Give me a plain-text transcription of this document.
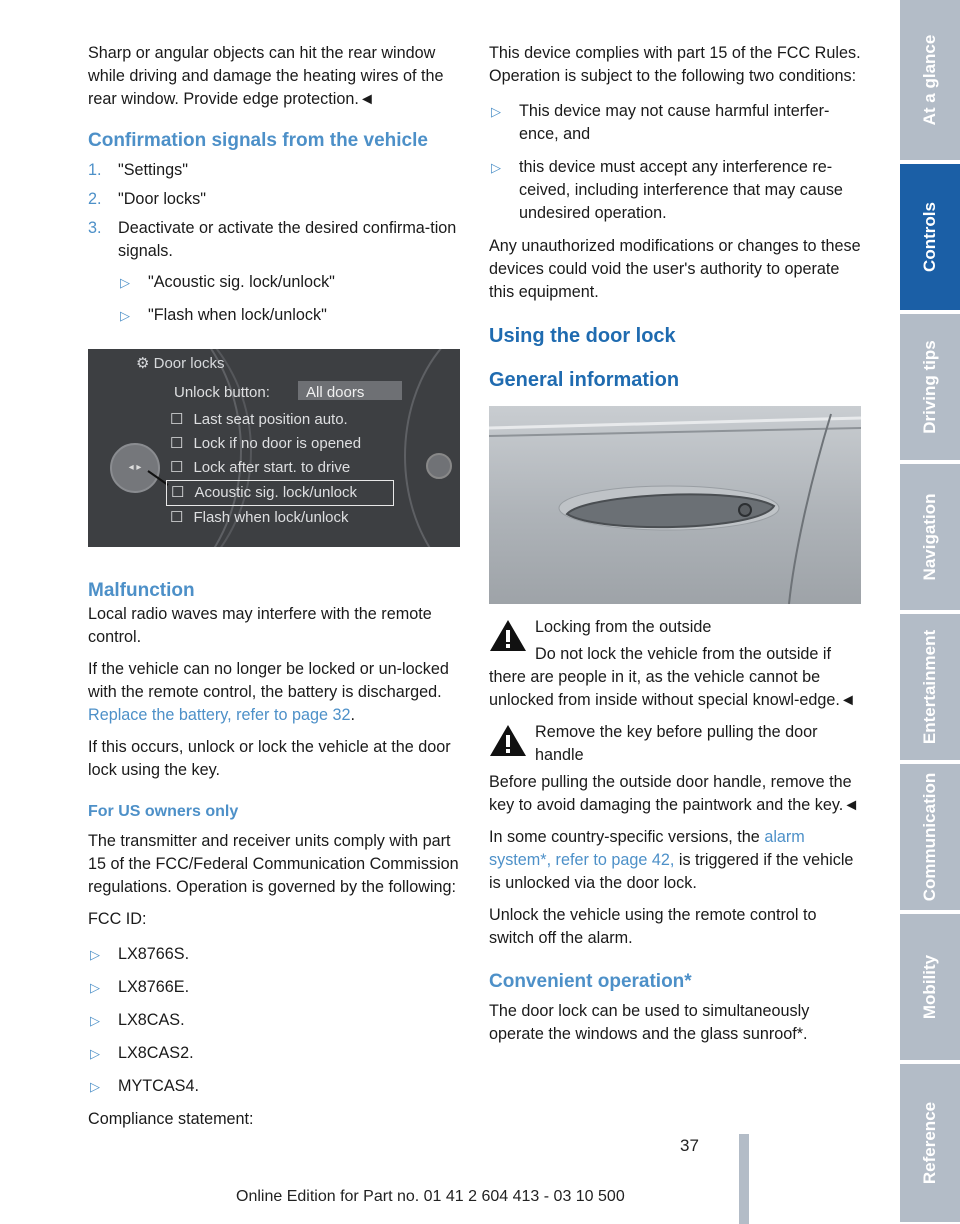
Sharp or angular objects can hit the rear window while driving and damage the heating wires of the rear window. Provide edge protection.◄

Confirmation signals from the vehicle
1. "Settings"
2. "Door locks"
3. Deactivate or activate the desired confirma-tion signals.
▷ "Acoustic sig. lock/unlock"
▷ "Flash when lock/unlock"
◂ ▸
⚙ Door locks
Unlock button:	All doors
☐ Last seat position auto.
☐ Lock if no door is opened
☐ Lock after start. to drive
☐ Acoustic sig. lock/unlock
☐ Flash when lock/unlock
Malfunction

Local radio waves may interfere with the remote control.

If the vehicle can no longer be locked or un-locked with the remote control, the battery is discharged. Replace the battery, refer to page 32.

If this occurs, unlock or lock the vehicle at the door lock using the key.

For US owners only

The transmitter and receiver units comply with part 15 of the FCC/Federal Communication Commission regulations. Operation is governed by the following:

FCC ID:

▷ LX8766S.
▷ LX8766E.
▷ LX8CAS.
▷ LX8CAS2.
▷ MYTCAS4.

Compliance statement:

This device complies with part 15 of the FCC Rules. Operation is subject to the following two conditions:

▷ This device may not cause harmful interfer-ence, and
▷ this device must accept any interference re-ceived, including interference that may cause undesired operation.

Any unauthorized modifications or changes to these devices could void the user's authority to operate this equipment.

Using the door lock
General information

Locking from the outside

Do not lock the vehicle from the outside if there are people in it, as the vehicle cannot be unlocked from inside without special knowl-edge.◄

Remove the key before pulling the door handle

Before pulling the outside door handle, remove the key to avoid damaging the paintwork and the key.◄

In some country-specific versions, the alarm system*, refer to page 42, is triggered if the vehicle is unlocked via the door lock.

Unlock the vehicle using the remote control to switch off the alarm.

Convenient operation*

The door lock can be used to simultaneously operate the windows and the glass sunroof*.

At a glance
Controls
Driving tips
Navigation
Entertainment
Communication
Mobility
Reference
37
Online Edition for Part no. 01 41 2 604 413 - 03 10 500
